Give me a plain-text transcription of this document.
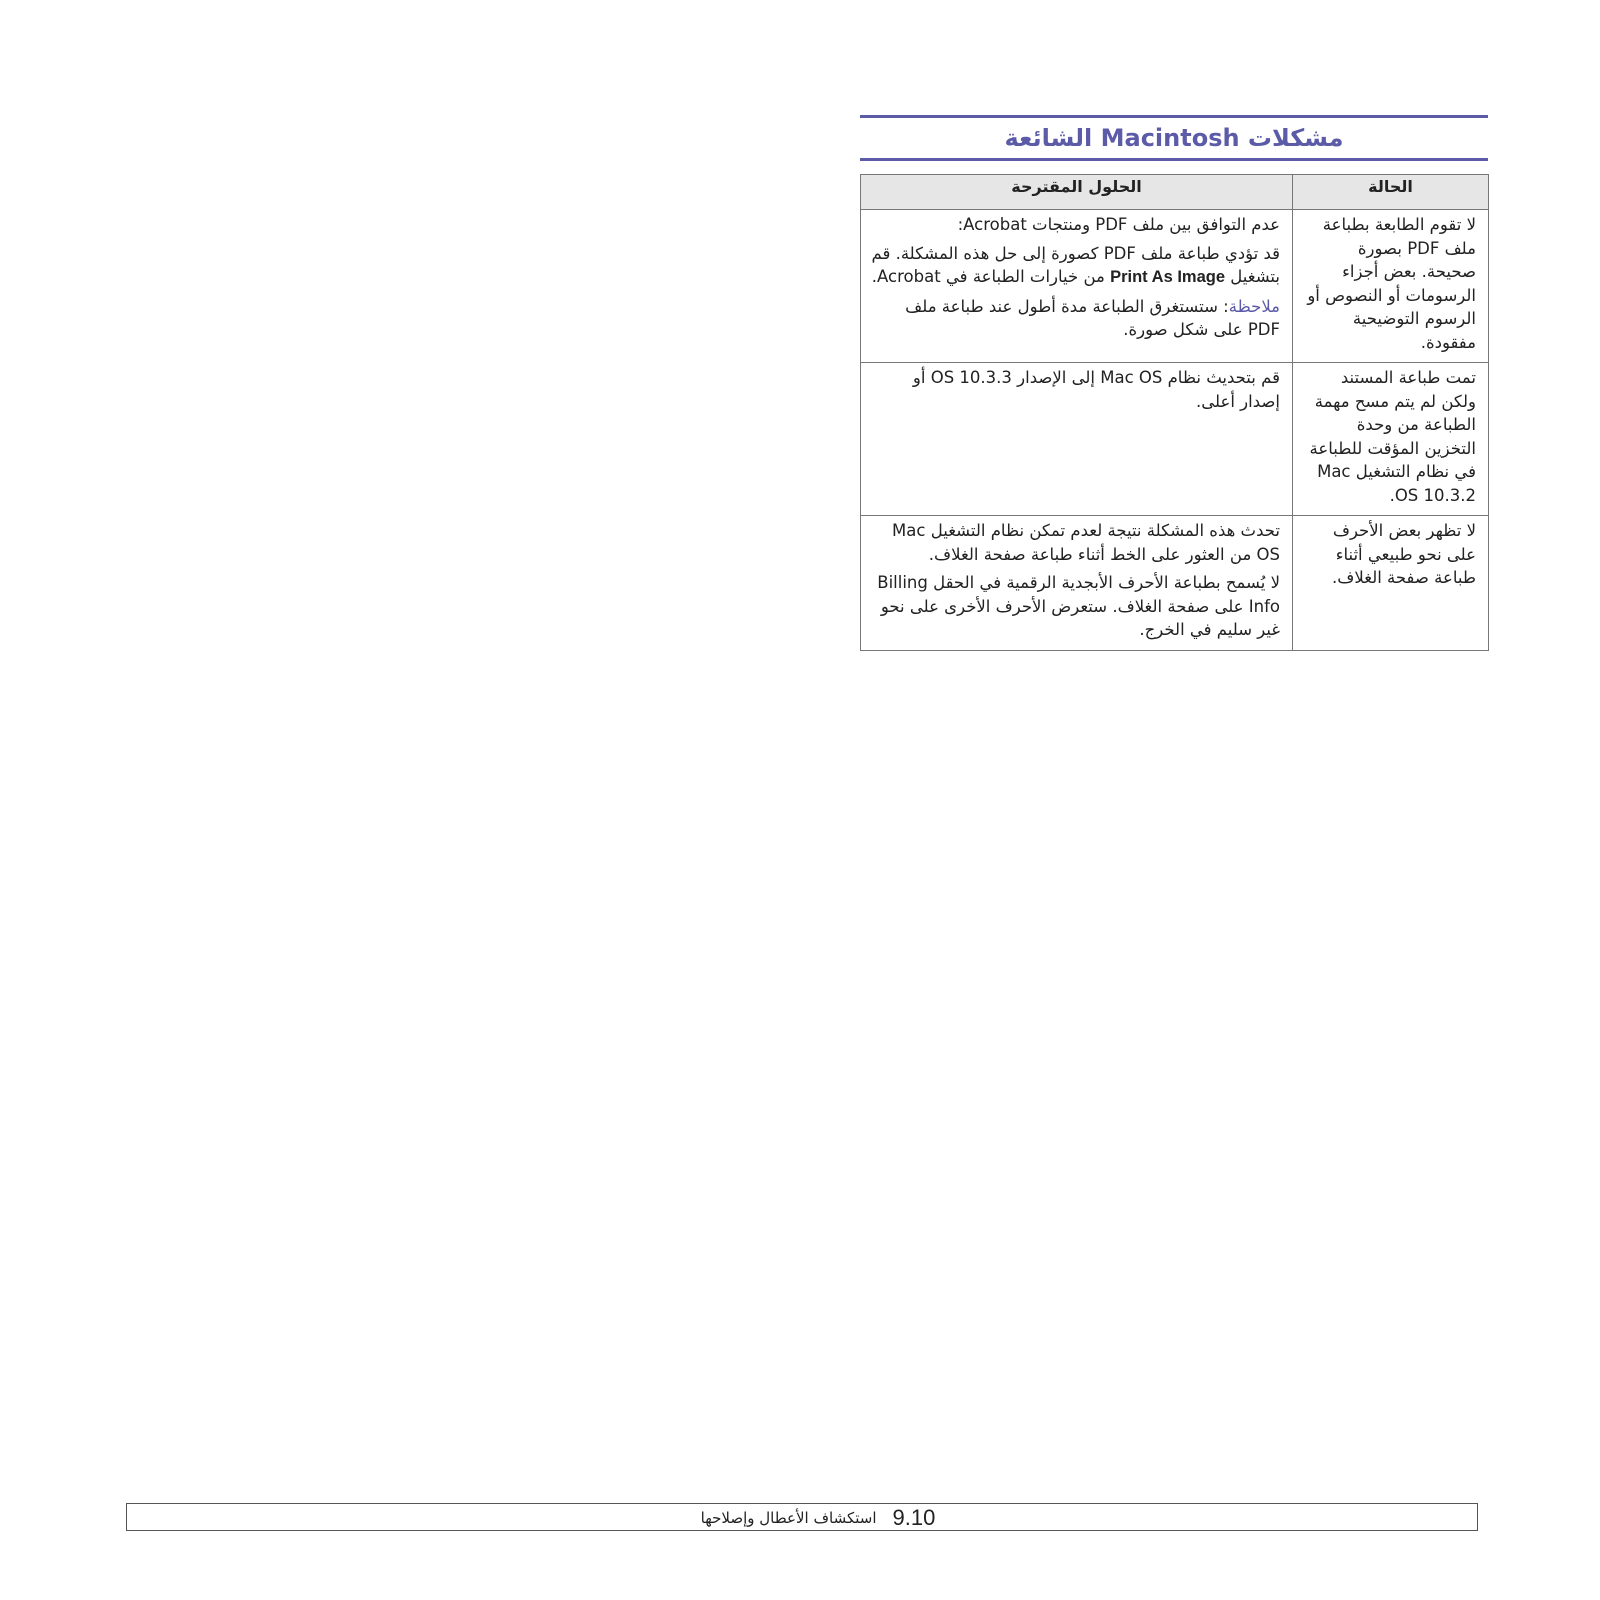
مشكلات Macintosh الشائعة
الحالة	الحلول المقترحة
لا تقوم الطابعة بطباعة ملف PDF بصورة صحيحة. بعض أجزاء الرسومات أو النصوص أو الرسوم التوضيحية مفقودة.	عدم التوافق بين ملف PDF ومنتجات Acrobat:

قد تؤدي طباعة ملف PDF كصورة إلى حل هذه المشكلة. قم بتشغيل Print As Image من خيارات الطباعة في Acrobat.

ملاحظة: ستستغرق الطباعة مدة أطول عند طباعة ملف PDF على شكل صورة.

تمت طباعة المستند ولكن لم يتم مسح مهمة الطباعة من وحدة التخزين المؤقت للطباعة في نظام التشغيل Mac OS 10.3.2.	قم بتحديث نظام Mac OS إلى الإصدار OS 10.3.3 أو إصدار أعلى.

لا تظهر بعض الأحرف على نحو طبيعي أثناء طباعة صفحة الغلاف.	تحدث هذه المشكلة نتيجة لعدم تمكن نظام التشغيل Mac OS من العثور على الخط أثناء طباعة صفحة الغلاف.

لا يُسمح بطباعة الأحرف الأبجدية الرقمية في الحقل Billing Info على صفحة الغلاف. ستعرض الأحرف الأخرى على نحو غير سليم في الخرج.

استكشاف الأعطال وإصلاحها 9.10
